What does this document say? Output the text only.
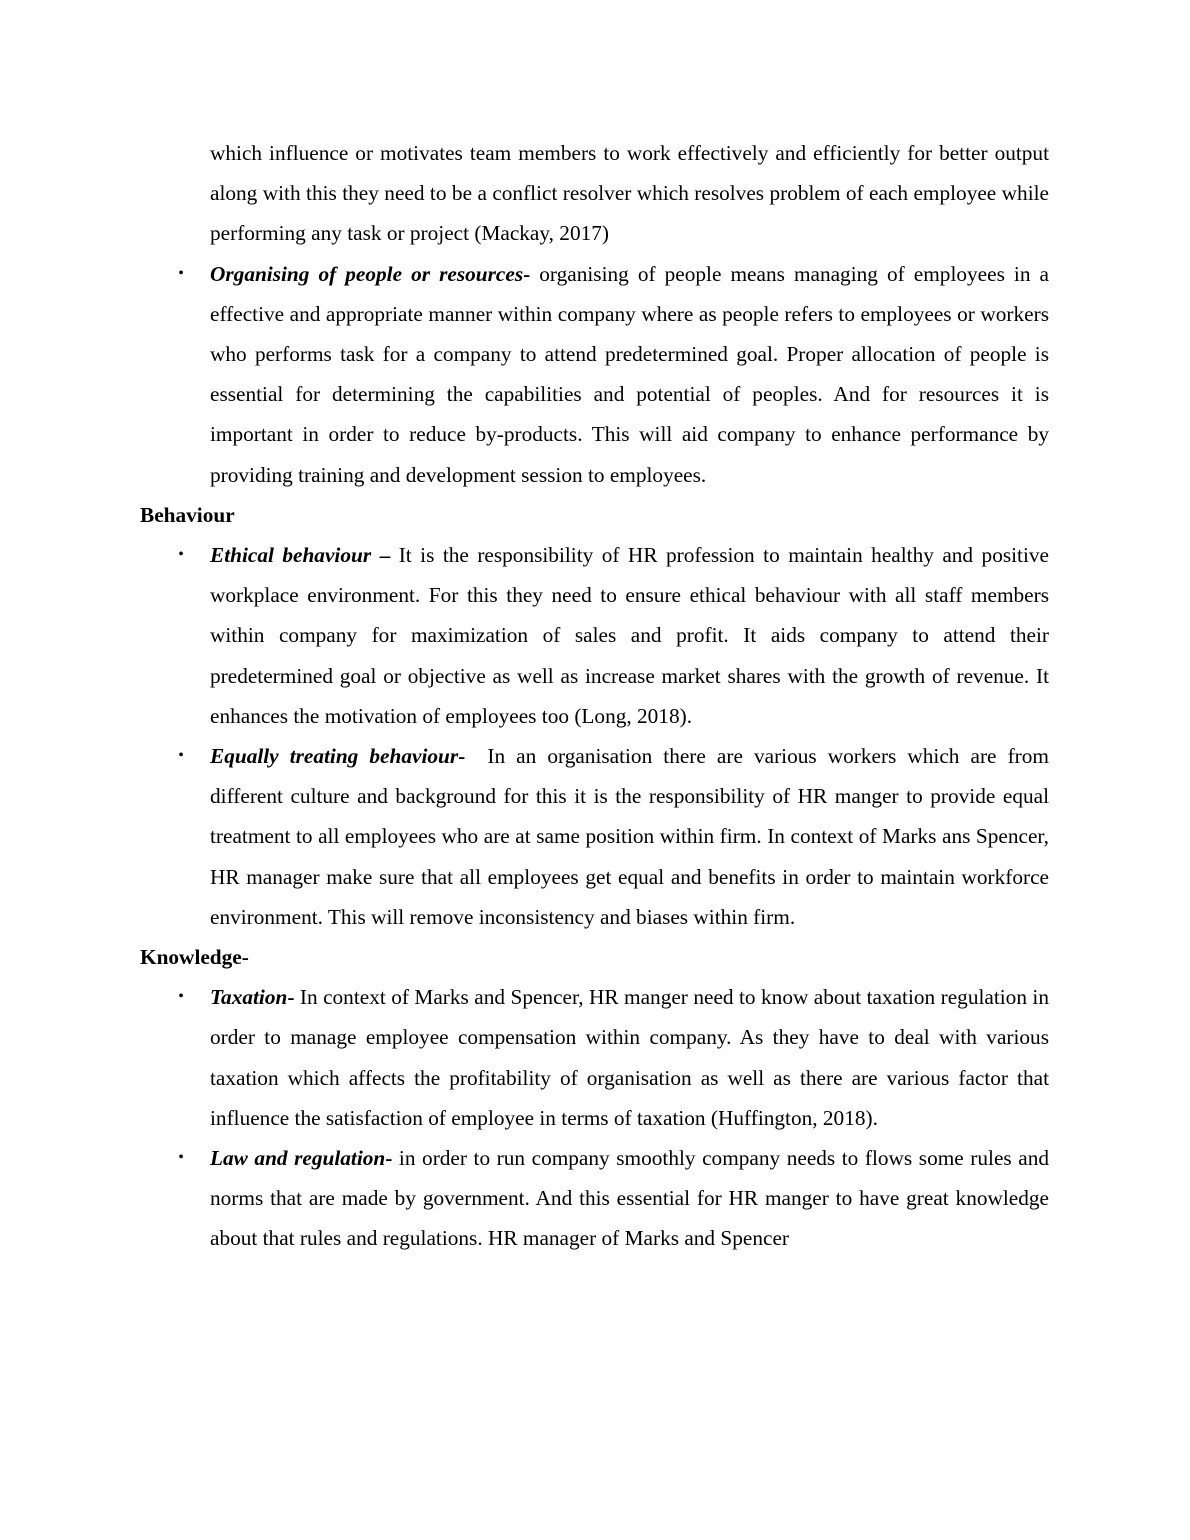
which influence or motivates team members to work effectively and efficiently for better output along with this they need to be a conflict resolver which resolves problem of each employee while performing any task or project (Mackay, 2017)

• Organising of people or resources- organising of people means managing of employees in a effective and appropriate manner within company where as people refers to employees or workers who performs task for a company to attend predetermined goal. Proper allocation of people is essential for determining the capabilities and potential of peoples. And for resources it is important in order to reduce by-products. This will aid company to enhance performance by providing training and development session to employees.

Behaviour

• Ethical behaviour – It is the responsibility of HR profession to maintain healthy and positive workplace environment. For this they need to ensure ethical behaviour with all staff members within company for maximization of sales and profit. It aids company to attend their predetermined goal or objective as well as increase market shares with the growth of revenue. It enhances the motivation of employees too (Long, 2018).
• Equally treating behaviour-  In an organisation there are various workers which are from different culture and background for this it is the responsibility of HR manger to provide equal treatment to all employees who are at same position within firm. In context of Marks ans Spencer, HR manager make sure that all employees get equal and benefits in order to maintain workforce environment. This will remove inconsistency and biases within firm.

Knowledge-

• Taxation- In context of Marks and Spencer, HR manger need to know about taxation regulation in order to manage employee compensation within company. As they have to deal with various taxation which affects the profitability of organisation as well as there are various factor that influence the satisfaction of employee in terms of taxation (Huffington, 2018).
• Law and regulation- in order to run company smoothly company needs to flows some rules and norms that are made by government. And this essential for HR manger to have great knowledge about that rules and regulations. HR manager of Marks and Spencer
